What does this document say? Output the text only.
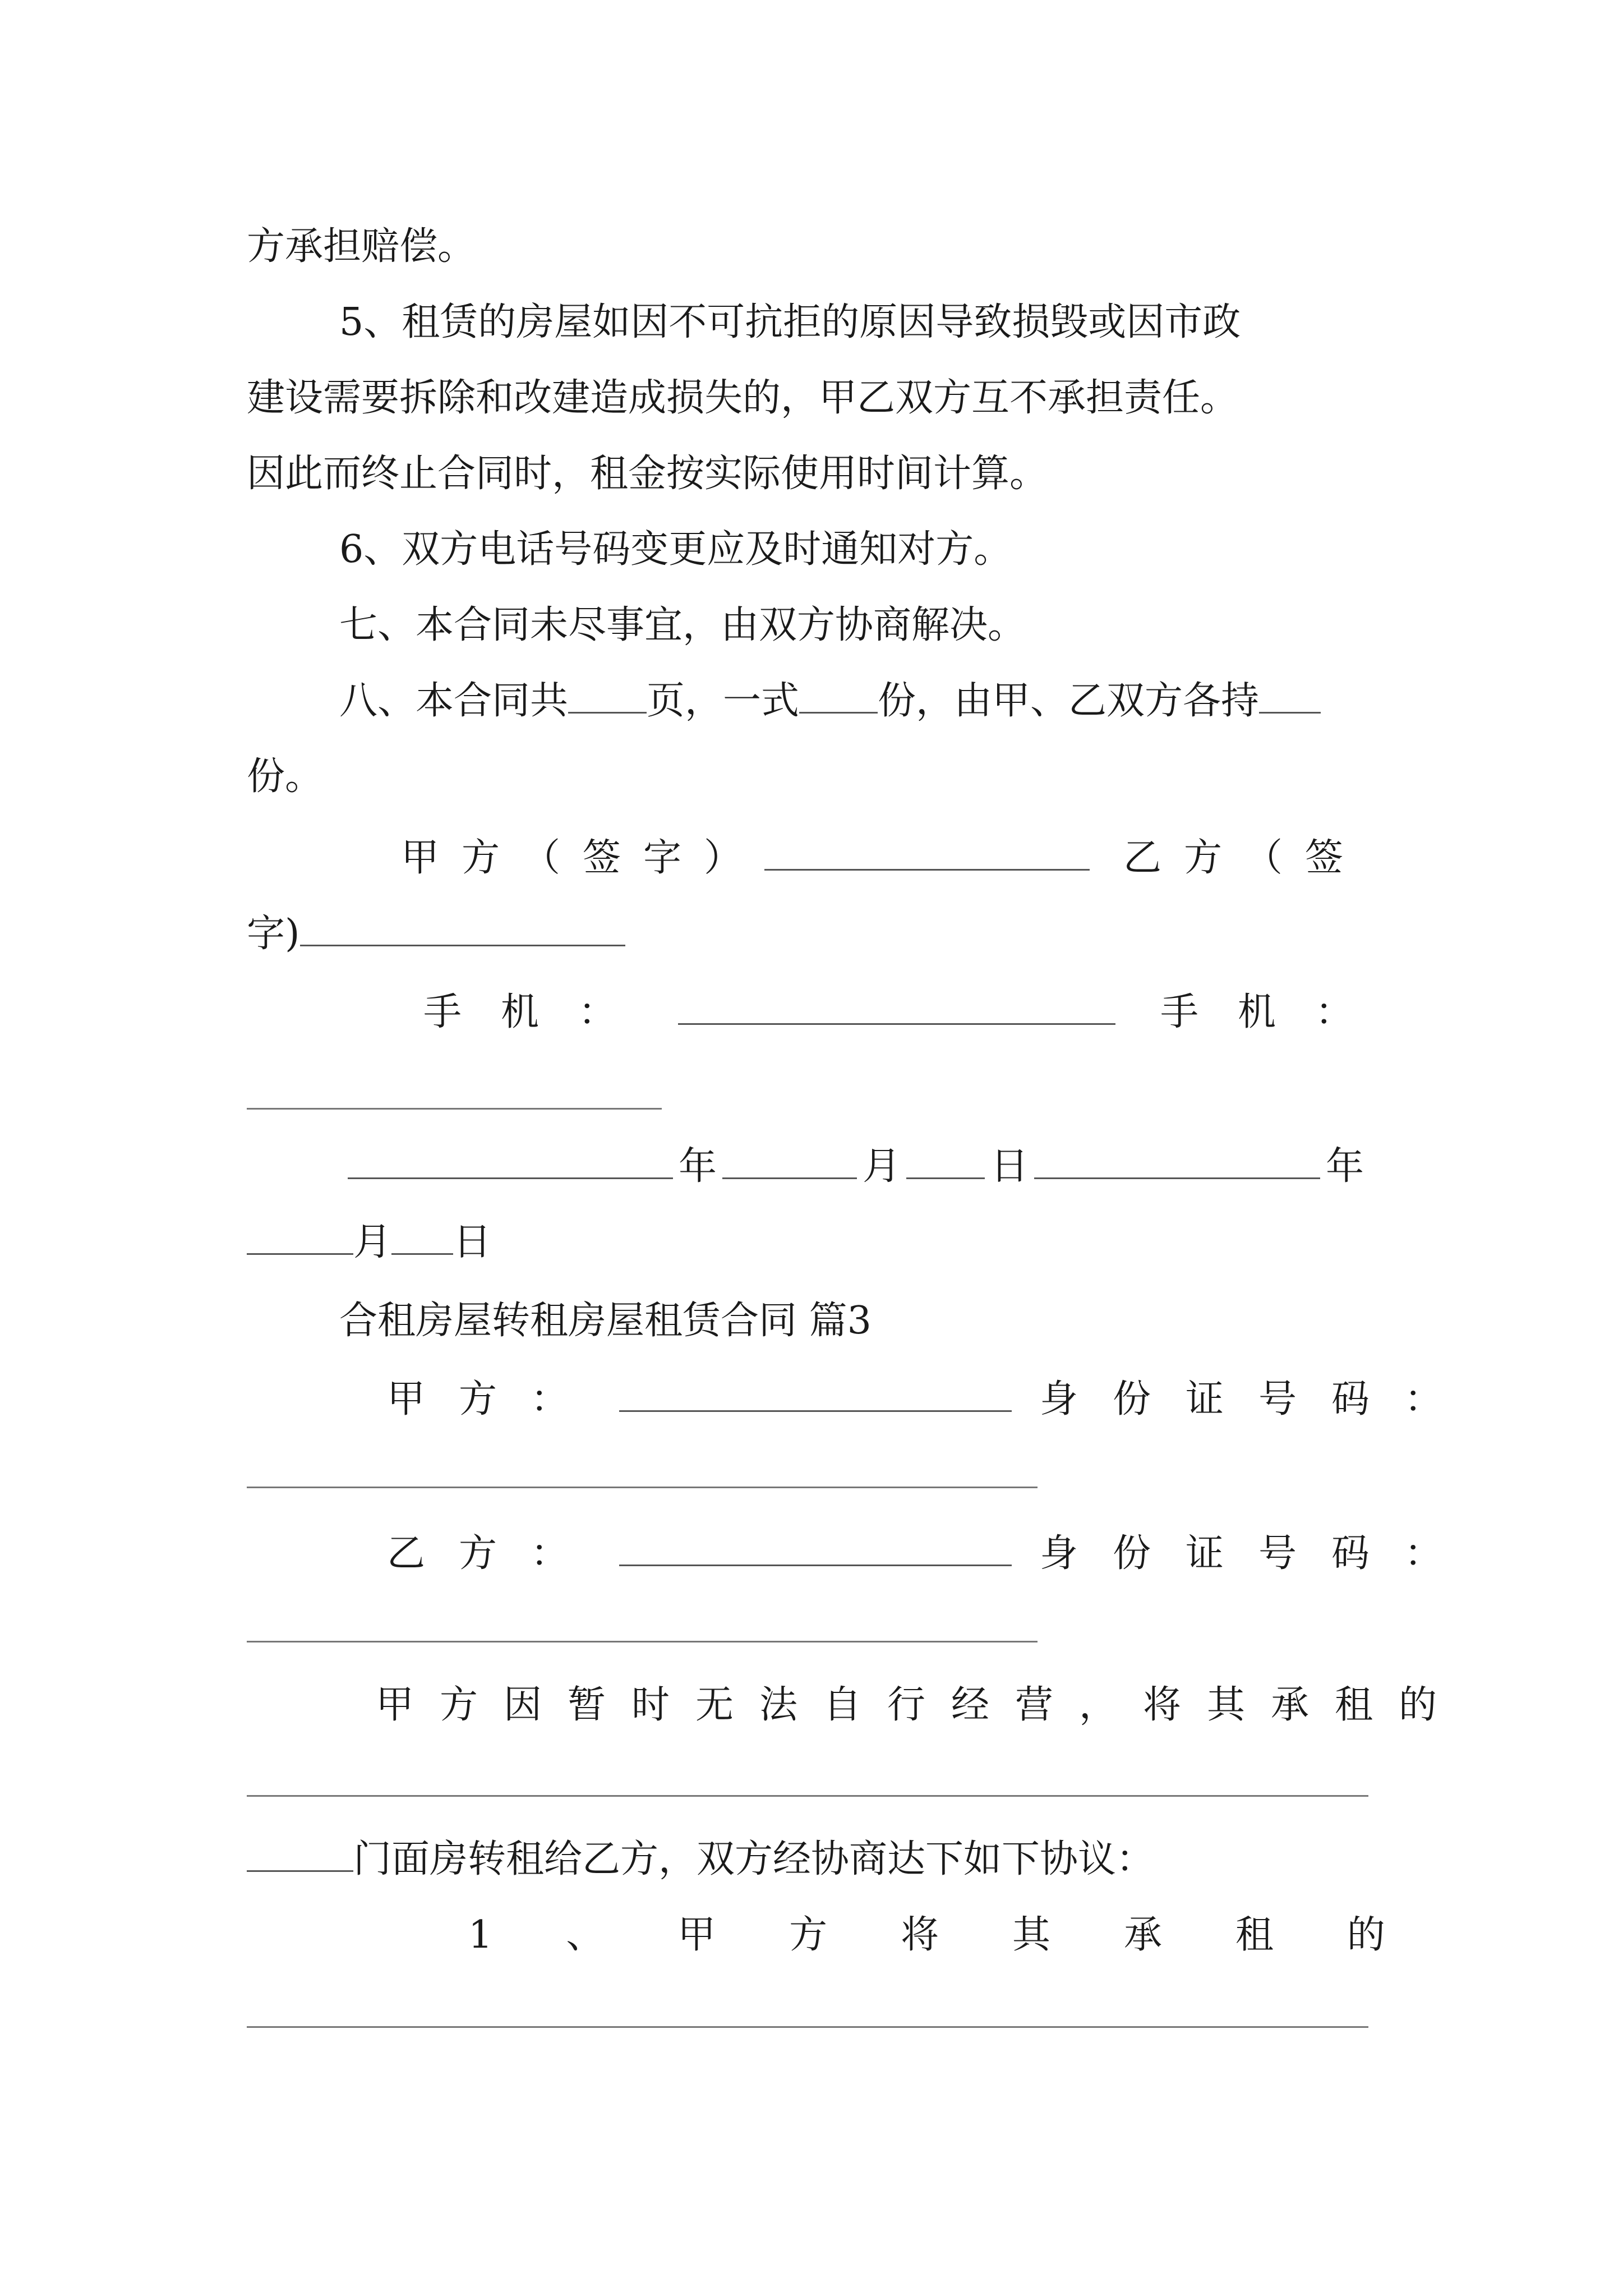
方承担赔偿。
5、租赁的房屋如因不可抗拒的原因导致损毁或因市政
建设需要拆除和改建造成损失的，甲乙双方互不承担责任。
因此而终止合同时，租金按实际使用时间计算。
6、双方电话号码变更应及时通知对方。
七、本合同未尽事宜，由双方协商解决。
八、本合同共 页，一式 份，由甲、乙双方各持
份。
甲方（签字）	乙方（签
字)
手机：	手机：
年	月 日	年
月 日
合租房屋转租房屋租赁合同 篇3
甲方：	身份证号码：
乙方：	身份证号码：
甲方因暂时无法自行经营，将其承租的
门面房转租给乙方，双方经协商达下如下协议：
1 、 甲 方 将 其 承 租 的
